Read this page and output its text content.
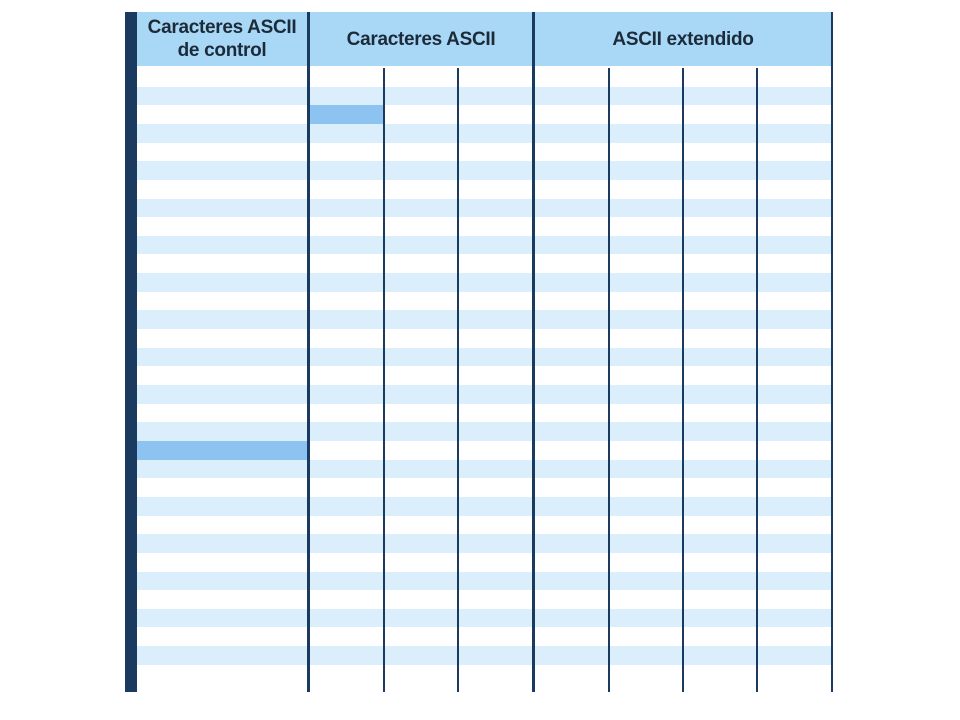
Caracteres ASCII
de control
Caracteres ASCII	ASCII extendido
